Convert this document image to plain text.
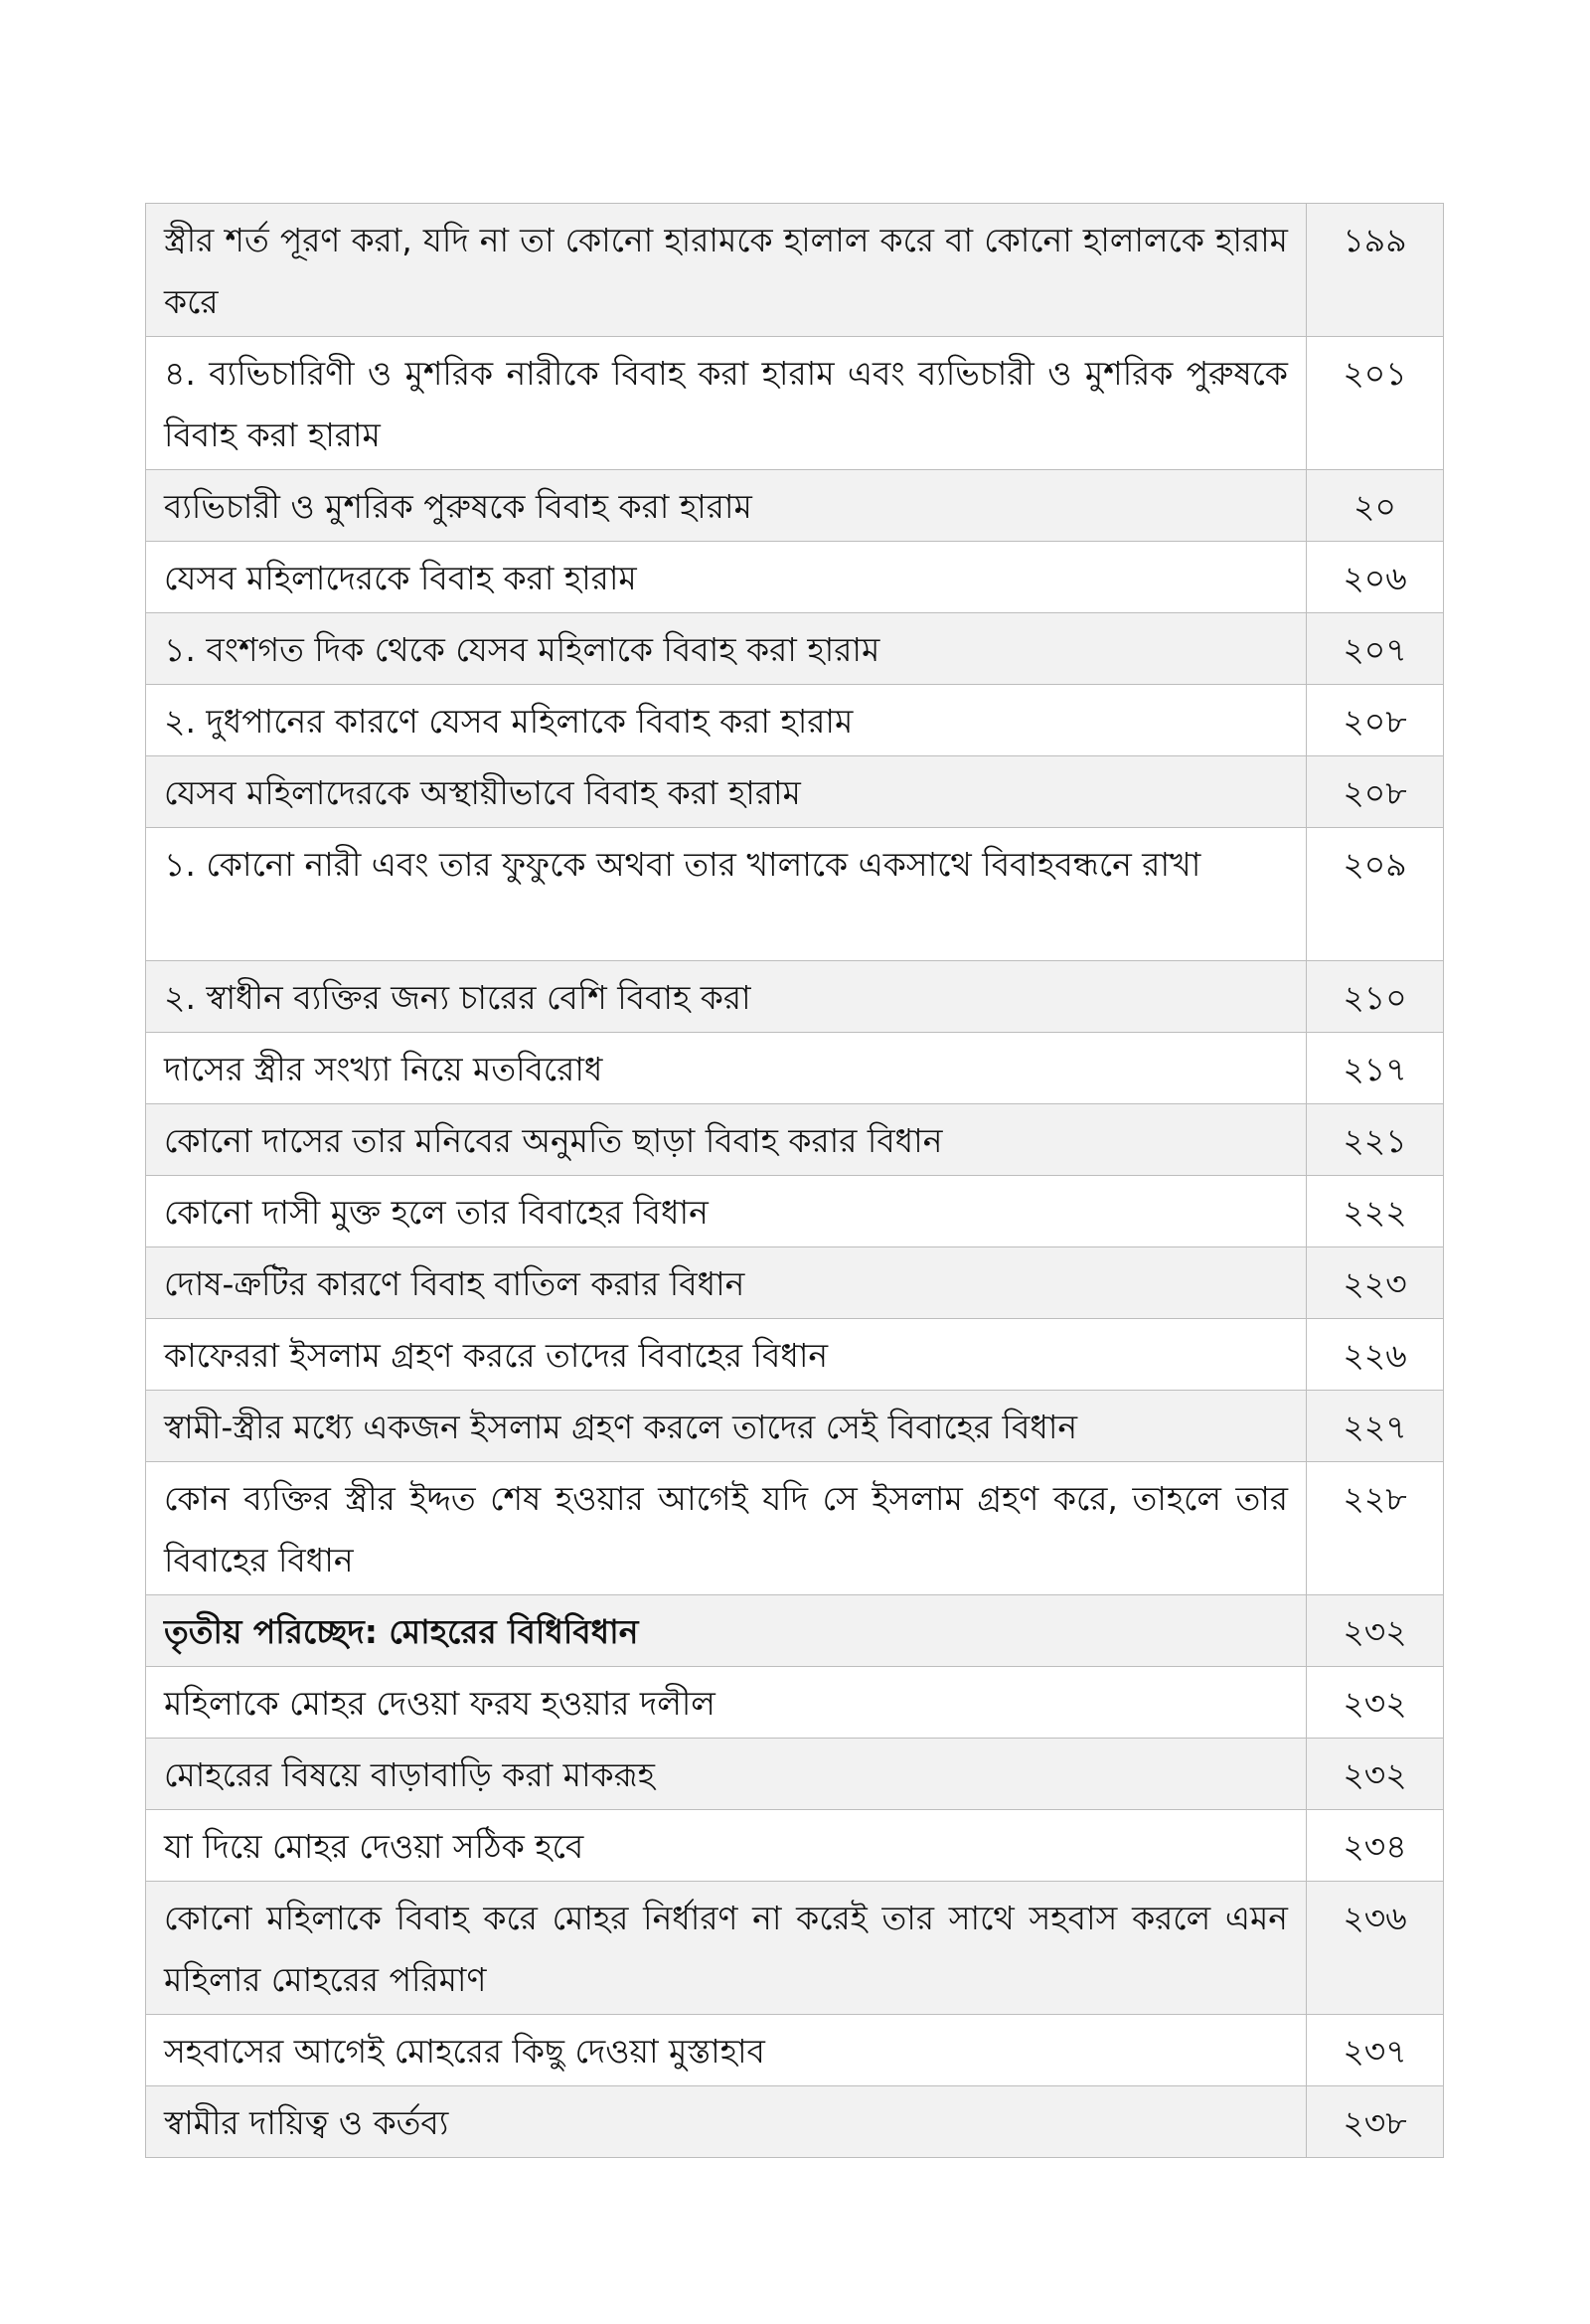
স্ত্রীর শর্ত পূরণ করা, যদি না তা কোনো হারামকে হালাল করে বা কোনো হালালকে হারাম করে	১৯৯

৪. ব্যভিচারিণী ও মুশরিক নারীকে বিবাহ করা হারাম এবং ব্যভিচারী ও মুশরিক পুরুষকে বিবাহ করা হারাম	২০১

ব্যভিচারী ও মুশরিক পুরুষকে বিবাহ করা হারাম	২০

যেসব মহিলাদেরকে বিবাহ করা হারাম	২০৬

১. বংশগত দিক থেকে যেসব মহিলাকে বিবাহ করা হারাম	২০৭

২. দুধপানের কারণে যেসব মহিলাকে বিবাহ করা হারাম	২০৮

যেসব মহিলাদেরকে অস্থায়ীভাবে বিবাহ করা হারাম	২০৮

১. কোনো নারী এবং তার ফুফুকে অথবা তার খালাকে একসাথে বিবাহবন্ধনে রাখা	২০৯

২. স্বাধীন ব্যক্তির জন্য চারের বেশি বিবাহ করা	২১০

দাসের স্ত্রীর সংখ্যা নিয়ে মতবিরোধ	২১৭

কোনো দাসের তার মনিবের অনুমতি ছাড়া বিবাহ করার বিধান	২২১

কোনো দাসী মুক্ত হলে তার বিবাহের বিধান	২২২

দোষ-ক্রটির কারণে বিবাহ বাতিল করার বিধান	২২৩

কাফেররা ইসলাম গ্রহণ কররে তাদের বিবাহের বিধান	২২৬

স্বামী-স্ত্রীর মধ্যে একজন ইসলাম গ্রহণ করলে তাদের সেই বিবাহের বিধান	২২৭

কোন ব্যক্তির স্ত্রীর ইদ্দত শেষ হওয়ার আগেই যদি সে ইসলাম গ্রহণ করে, তাহলে তার বিবাহের বিধান	২২৮

তৃতীয় পরিচ্ছেদ: মোহরের বিধিবিধান	২৩২

মহিলাকে মোহর দেওয়া ফরয হওয়ার দলীল	২৩২

মোহরের বিষয়ে বাড়াবাড়ি করা মাকরূহ	২৩২

যা দিয়ে মোহর দেওয়া সঠিক হবে	২৩৪

কোনো মহিলাকে বিবাহ করে মোহর নির্ধারণ না করেই তার সাথে সহবাস করলে এমন মহিলার মোহরের পরিমাণ	২৩৬

সহবাসের আগেই মোহরের কিছু দেওয়া মুস্তাহাব	২৩৭

স্বামীর দায়িত্ব ও কর্তব্য	২৩৮
